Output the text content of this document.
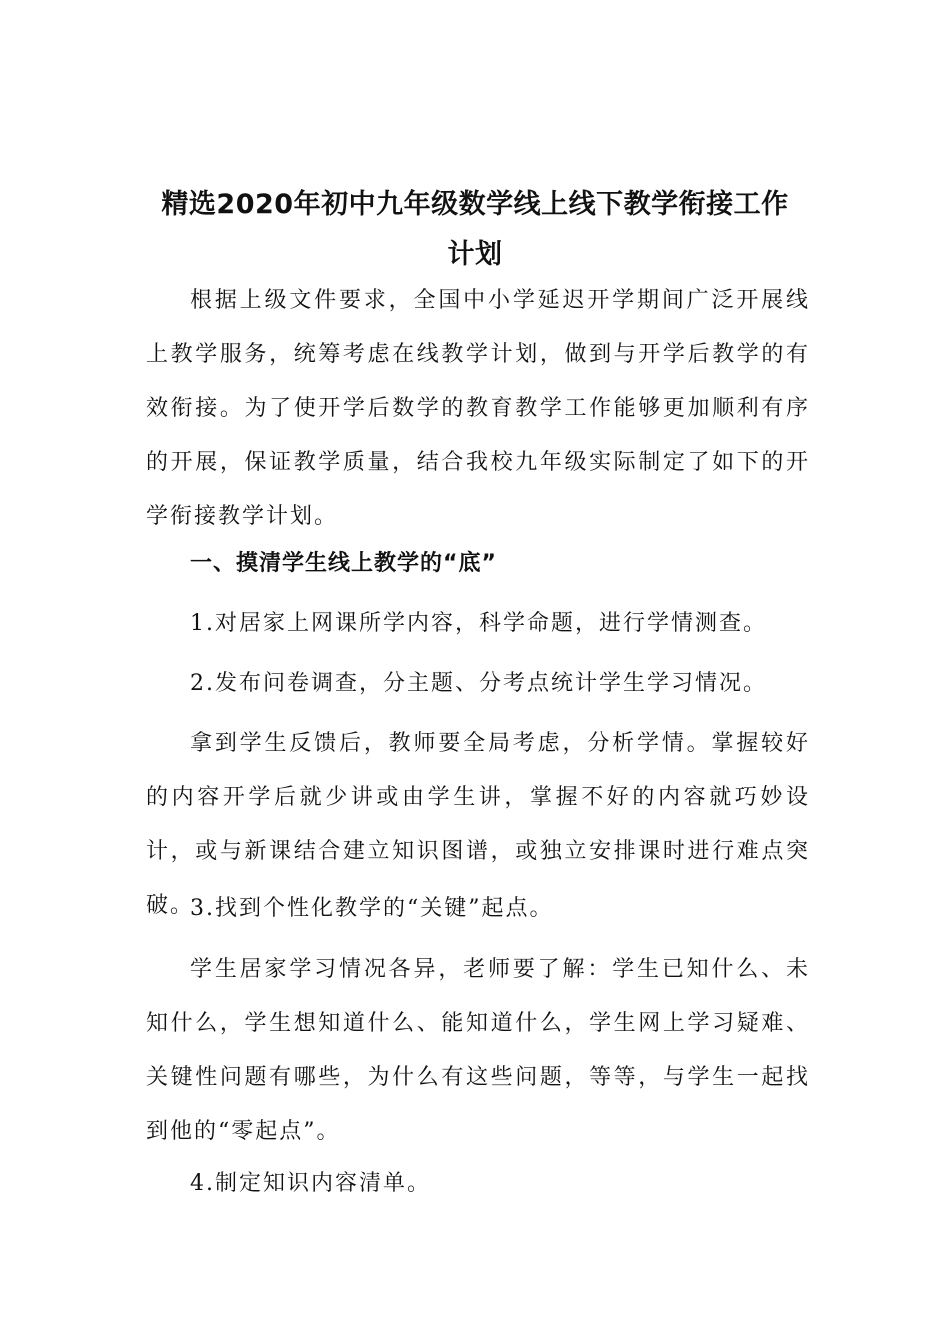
精选2020年初中九年级数学线上线下教学衔接工作
计划

根据上级文件要求，全国中小学延迟开学期间广泛开展线上教学服务，统筹考虑在线教学计划，做到与开学后教学的有效衔接。为了使开学后数学的教育教学工作能够更加顺利有序的开展，保证教学质量，结合我校九年级实际制定了如下的开学衔接教学计划。

一、摸清学生线上教学的“底”

1.对居家上网课所学内容，科学命题，进行学情测查。

2.发布问卷调查，分主题、分考点统计学生学习情况。

拿到学生反馈后，教师要全局考虑，分析学情。掌握较好的内容开学后就少讲或由学生讲，掌握不好的内容就巧妙设计，或与新课结合建立知识图谱，或独立安排课时进行难点突破。

3.找到个性化教学的“关键”起点。

学生居家学习情况各异，老师要了解：学生已知什么、未知什么，学生想知道什么、能知道什么，学生网上学习疑难、关键性问题有哪些，为什么有这些问题，等等，与学生一起找到他的“零起点”。

4.制定知识内容清单。
